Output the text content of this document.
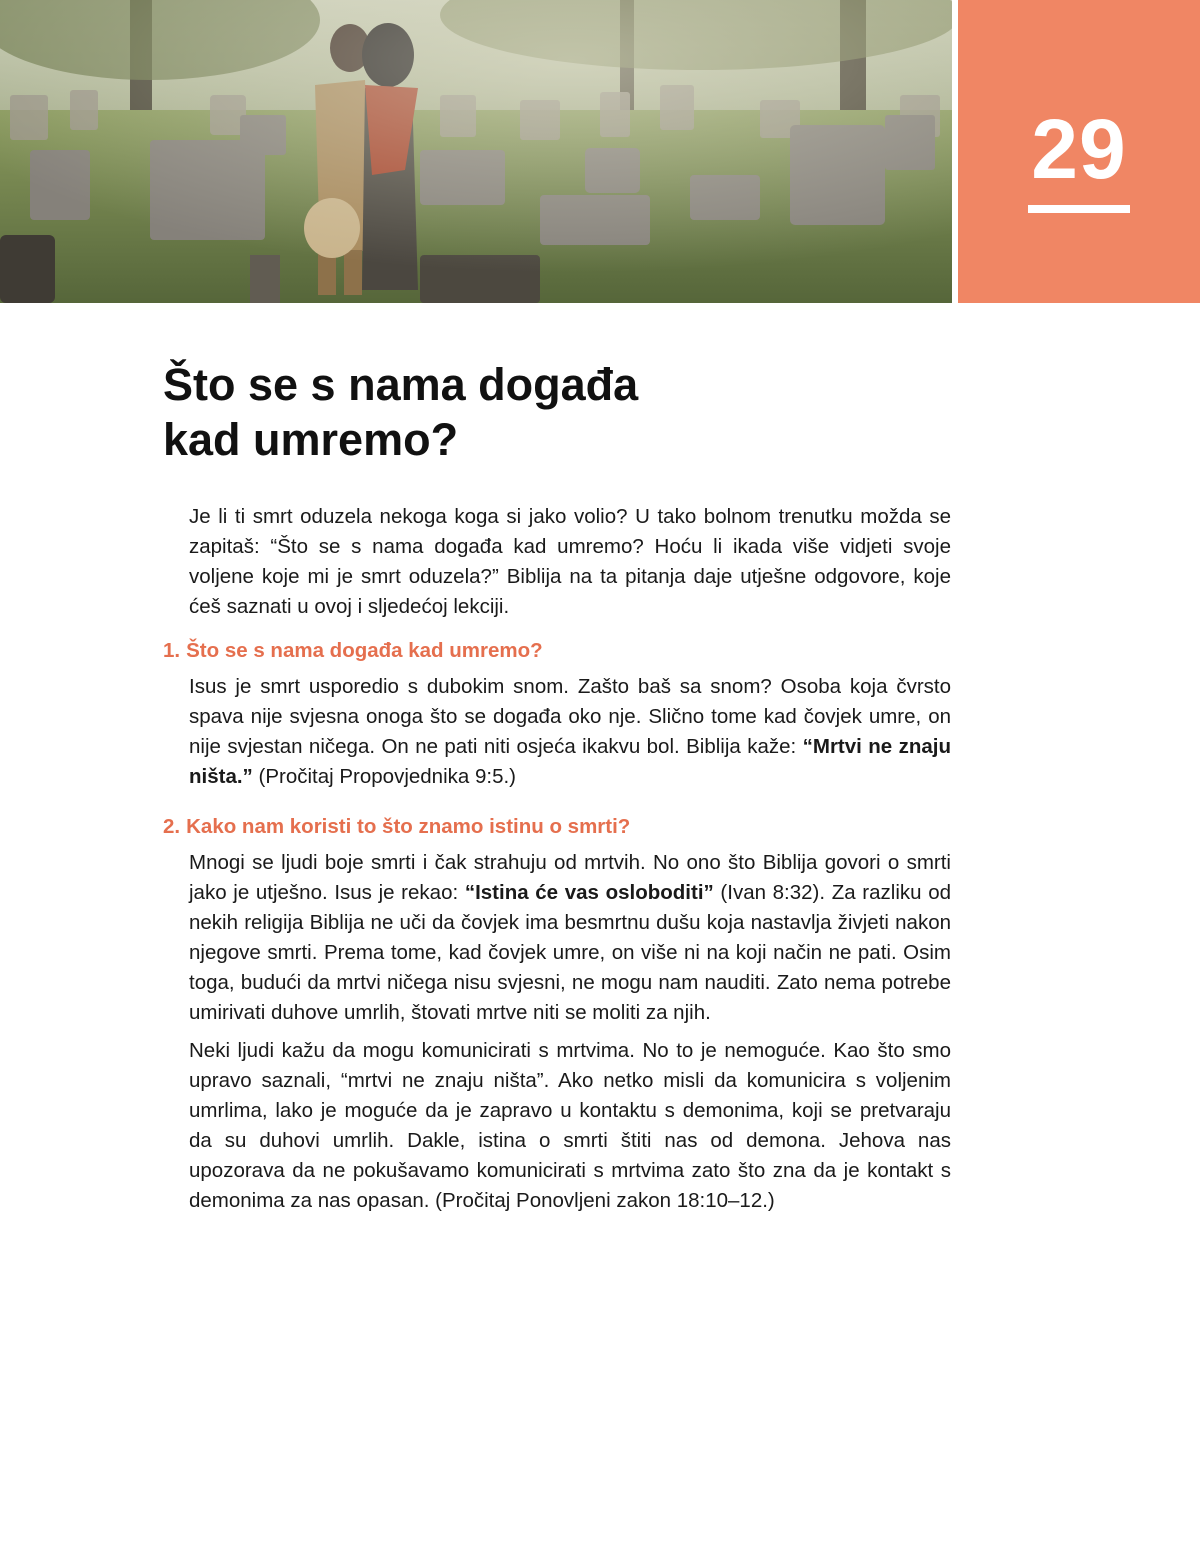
29
Što se s nama događa
kad umremo?

Je li ti smrt oduzela nekoga koga si jako volio? U tako bolnom trenutku možda se zapitaš: “Što se s nama događa kad umremo? Hoću li ikada više vidjeti svoje voljene koje mi je smrt oduzela?” Biblija na ta pitanja daje utješne odgovore, koje ćeš saznati u ovoj i sljedećoj lekciji.

1. Što se s nama događa kad umremo?

Isus je smrt usporedio s dubokim snom. Zašto baš sa snom? Osoba koja čvrsto spava nije svjesna onoga što se događa oko nje. Slično tome kad čovjek umre, on nije svjestan ničega. On ne pati niti osjeća ikakvu bol. Biblija kaže: “Mrtvi ne znaju ništa.” (Pročitaj Propovjednika 9:5.)

2. Kako nam koristi to što znamo istinu o smrti?

Mnogi se ljudi boje smrti i čak strahuju od mrtvih. No ono što Biblija govori o smrti jako je utješno. Isus je rekao: “Istina će vas osloboditi” (Ivan 8:32). Za razliku od nekih religija Biblija ne uči da čovjek ima besmrtnu dušu koja nastavlja živjeti nakon njegove smrti. Prema tome, kad čovjek umre, on više ni na koji način ne pati. Osim toga, budući da mrtvi ničega nisu svjesni, ne mogu nam nauditi. Zato nema potrebe umirivati duhove umrlih, štovati mrtve niti se moliti za njih.

Neki ljudi kažu da mogu komunicirati s mrtvima. No to je nemoguće. Kao što smo upravo saznali, “mrtvi ne znaju ništa”. Ako netko misli da komunicira s voljenim umrlima, lako je moguće da je zapravo u kontaktu s demonima, koji se pretvaraju da su duhovi umrlih. Dakle, istina o smrti štiti nas od demona. Jehova nas upozorava da ne pokušavamo komunicirati s mrtvima zato što zna da je kontakt s demonima za nas opasan. (Pročitaj Ponovljeni zakon 18:10–12.)
